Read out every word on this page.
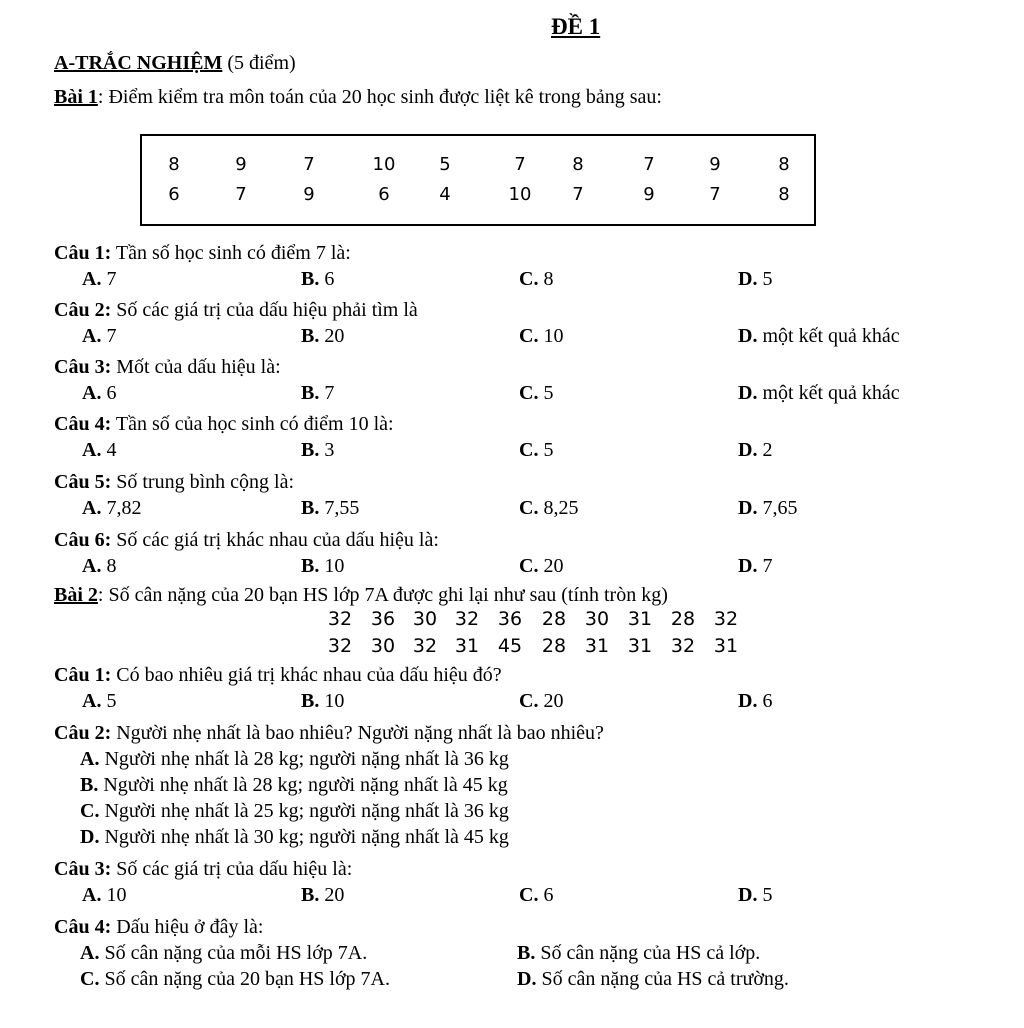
ĐỀ 1
A-TRẮC NGHIỆM (5 điểm)
Bài 1: Điểm kiểm tra môn toán của 20 học sinh được liệt kê trong bảng sau:
8	9	7	10	5	7	8	7	9	8
6	7	9	6	4	10	7	9	7	8
Câu 1: Tần số học sinh có điểm 7 là:
A. 7	B. 6	C. 8	D. 5
Câu 2: Số các giá trị của dấu hiệu phải tìm là
A. 7	B. 20	C. 10	D. một kết quả khác
Câu 3: Mốt của dấu hiệu là:
A. 6	B. 7	C. 5	D. một kết quả khác
Câu 4: Tần số của học sinh có điểm 10 là:
A. 4	B. 3	C. 5	D. 2
Câu 5: Số trung bình cộng là:
A. 7,82	B. 7,55	C. 8,25	D. 7,65
Câu 6: Số các giá trị khác nhau của dấu hiệu là:
A. 8	B. 10	C. 20	D. 7
Bài 2: Số cân nặng của 20 bạn HS lớp 7A được ghi lại như sau (tính tròn kg)
32 36 30 32 36	28 30 31 28 32
32 30 32 31 45	28 31 31 32 31
Câu 1: Có bao nhiêu giá trị khác nhau của dấu hiệu đó?
A. 5	B. 10	C. 20	D. 6
Câu 2: Người nhẹ nhất là bao nhiêu? Người nặng nhất là bao nhiêu?
A. Người nhẹ nhất là 28 kg; người nặng nhất là 36 kg
B. Người nhẹ nhất là 28 kg; người nặng nhất là 45 kg
C. Người nhẹ nhất là 25 kg; người nặng nhất là 36 kg
D. Người nhẹ nhất là 30 kg; người nặng nhất là 45 kg
Câu 3: Số các giá trị của dấu hiệu là:
A. 10	B. 20	C. 6	D. 5
Câu 4: Dấu hiệu ở đây là:
A. Số cân nặng của mỗi HS lớp 7A.	B. Số cân nặng của HS cả lớp.
C. Số cân nặng của 20 bạn HS lớp 7A.	D. Số cân nặng của HS cả trường.
